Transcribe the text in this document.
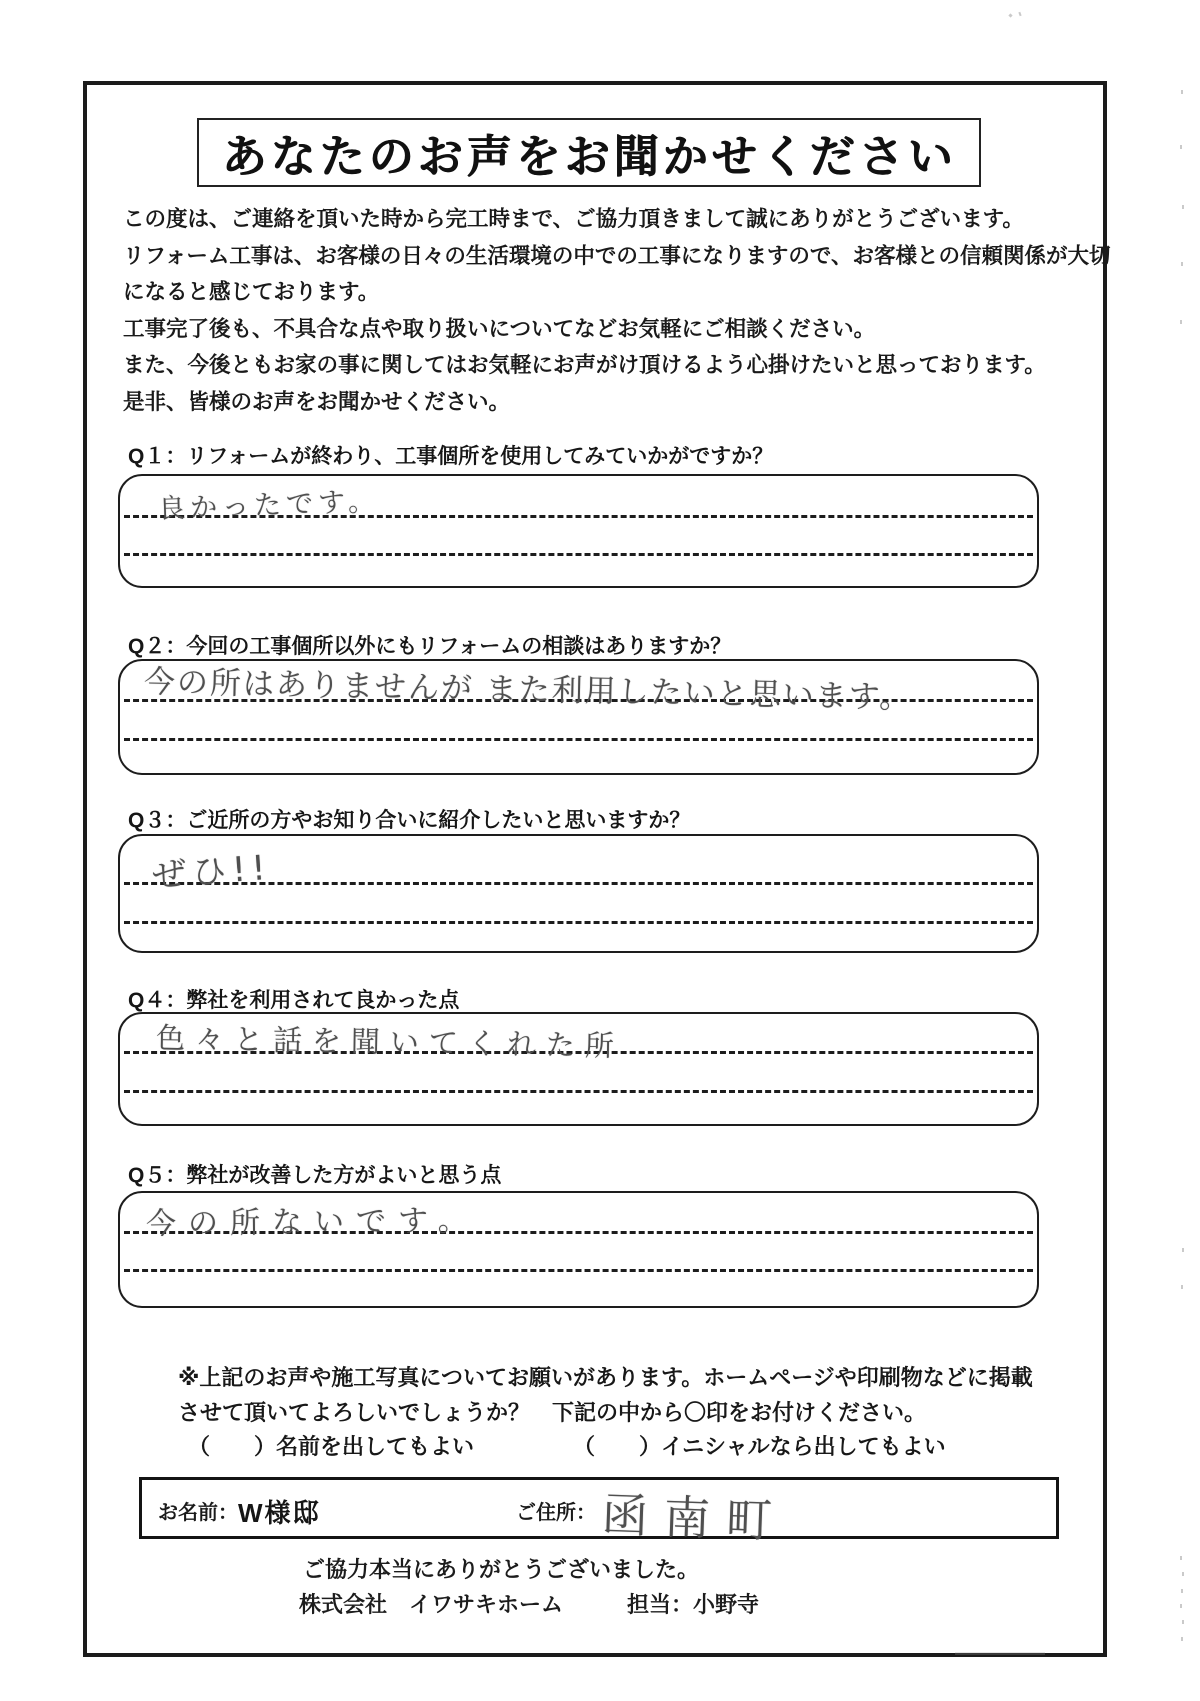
あなたのお声をお聞かせください
この度は、ご連絡を頂いた時から完工時まで、ご協力頂きまして誠にありがとうございます。
リフォーム工事は、お客様の日々の生活環境の中での工事になりますので、お客様との信頼関係が大切
になると感じております。
工事完了後も、不具合な点や取り扱いについてなどお気軽にご相談ください。
また、今後ともお家の事に関してはお気軽にお声がけ頂けるよう心掛けたいと思っております。
是非、皆様のお声をお聞かせください。
Q１：リフォームが終わり、工事個所を使用してみていかがですか？
良かったです。
Q２：今回の工事個所以外にもリフォームの相談はありますか？
今の所はありませんが また利用したいと思います。
Q３：ご近所の方やお知り合いに紹介したいと思いますか？
ぜひ!!
Q４：弊社を利用されて良かった点
色々と話を聞いてくれた所
Q５：弊社が改善した方がよいと思う点
今の所ないです。
※上記のお声や施工写真についてお願いがあります。ホームページや印刷物などに掲載
させて頂いてよろしいでしょうか？　下記の中から〇印をお付けください。
（　　）名前を出してもよい	（　　）イニシャルなら出してもよい
お名前： W様邸	ご住所： 函南町
ご協力本当にありがとうございました。
株式会社　イワサキホーム	担当：小野寺
